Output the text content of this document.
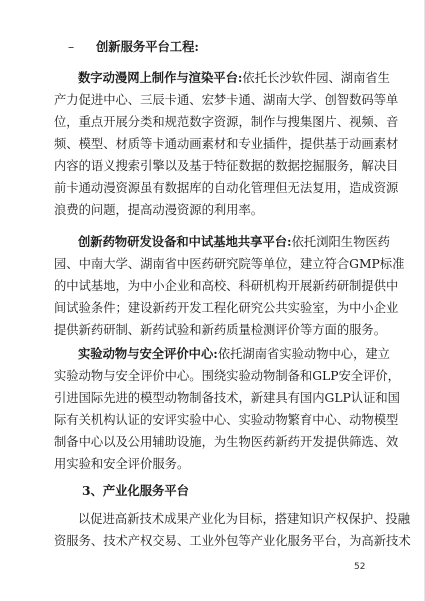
– 创新服务平台工程:
数字动漫网上制作与渲染平台:依托长沙软件园、湖南省生
产力促进中心、三辰卡通、宏梦卡通、湖南大学、创智数码等单
位，重点开展分类和规范数字资源，制作与搜集图片、视频、音
频、模型、材质等卡通动画素材和专业插件，提供基于动画素材
内容的语义搜索引擎以及基于特征数据的数据挖掘服务，解决目
前卡通动漫资源虽有数据库的自动化管理但无法复用，造成资源
浪费的问题，提高动漫资源的利用率。
创新药物研发设备和中试基地共享平台:依托浏阳生物医药
园、中南大学、湖南省中医药研究院等单位，建立符合GMP标准
的中试基地，为中小企业和高校、科研机构开展新药研制提供中
间试验条件；建设新药开发工程化研究公共实验室，为中小企业
提供新药研制、新药试验和新药质量检测评价等方面的服务。
实验动物与安全评价中心:依托湖南省实验动物中心，建立
实验动物与安全评价中心。围绕实验动物制备和GLP安全评价，
引进国际先进的模型动物制备技术，新建具有国内GLP认证和国
际有关机构认证的安评实验中心、实验动物繁育中心、动物模型
制备中心以及公用辅助设施，为生物医药新药开发提供筛选、效
用实验和安全评价服务。
3、产业化服务平台
以促进高新技术成果产业化为目标，搭建知识产权保护、投融
资服务、技术产权交易、工业外包等产业化服务平台，为高新技术
52
